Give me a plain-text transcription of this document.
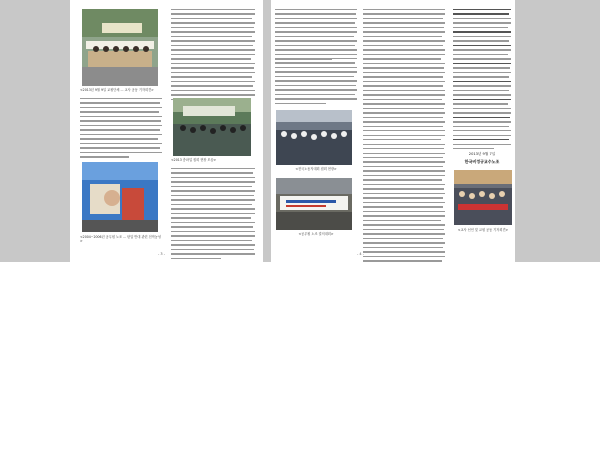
<2013년 9월 9일 교원단체 ... 교사 공동 기자회견>
<2004~2006년 공무원 노조 ... 탄압 반대 관련 천막농성>
<2013 총파업 집회 현장 모습>
- 3 -
<전국노동자대회 집회 현장>
<공무원 노조 결의대회>
2013년 9월 7일
한국비정규교수노조
<교사 선언 및 교원 공동 기자회견>
- 4 -
